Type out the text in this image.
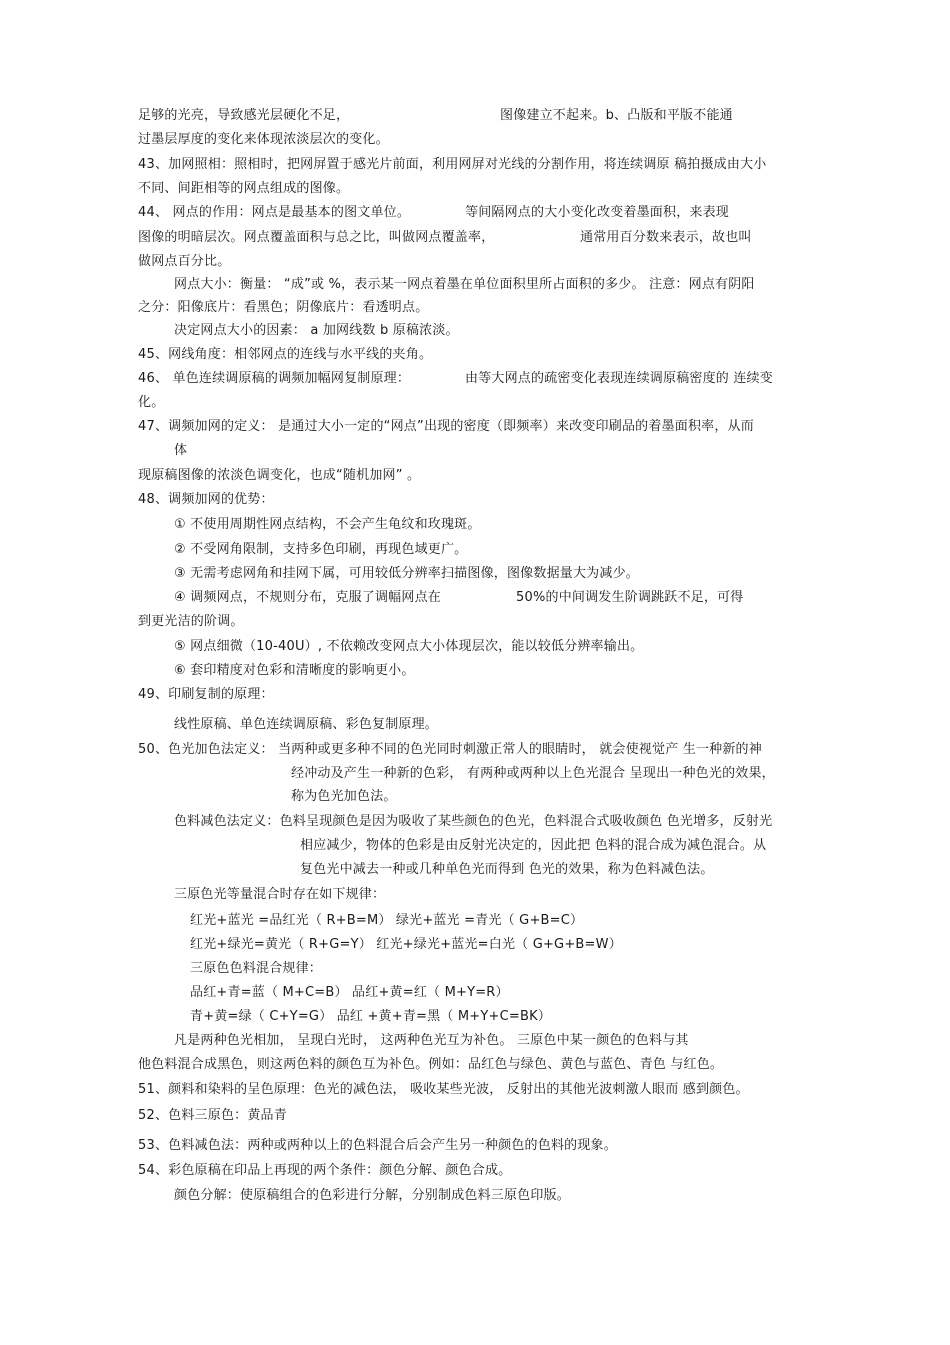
足够的光亮，导致感光层硬化不足，	图像建立不起来。b、凸版和平版不能通
过墨层厚度的变化来体现浓淡层次的变化。
43、加网照相：照相时，把网屏置于感光片前面，利用网屏对光线的分割作用，将连续调原 稿拍摄成由大小
不同、间距相等的网点组成的图像。
44、 网点的作用：网点是最基本的图文单位。	等间隔网点的大小变化改变着墨面积，来表现
图像的明暗层次。网点覆盖面积与总之比，叫做网点覆盖率，	通常用百分数来表示，故也叫
做网点百分比。
网点大小：衡量： “成”或 %，表示某一网点着墨在单位面积里所占面积的多少。 注意：网点有阴阳
之分：阳像底片：看黑色；阴像底片：看透明点。
决定网点大小的因素： a 加网线数 b 原稿浓淡。
45、网线角度：相邻网点的连线与水平线的夹角。
46、 单色连续调原稿的调频加幅网复制原理：	由等大网点的疏密变化表现连续调原稿密度的 连续变
化。
47、调频加网的定义： 是通过大小一定的“网点”出现的密度（即频率）来改变印刷品的着墨面积率，从而
体
现原稿图像的浓淡色调变化，也成“随机加网” 。
48、调频加网的优势：
① 不使用周期性网点结构，不会产生龟纹和玫瑰斑。
② 不受网角限制，支持多色印刷，再现色域更广。
③ 无需考虑网角和挂网下属，可用较低分辨率扫描图像，图像数据量大为减少。
④ 调频网点，不规则分布，克服了调幅网点在	50%的中间调发生阶调跳跃不足，可得
到更光洁的阶调。
⑤ 网点细微（10-40U）, 不依赖改变网点大小体现层次，能以较低分辨率输出。
⑥ 套印精度对色彩和清晰度的影响更小。
49、印刷复制的原理：
线性原稿、单色连续调原稿、彩色复制原理。
50、色光加色法定义： 当两种或更多种不同的色光同时刺激正常人的眼睛时， 就会使视觉产 生一种新的神
经冲动及产生一种新的色彩， 有两种或两种以上色光混合 呈现出一种色光的效果，
称为色光加色法。
色料减色法定义：色料呈现颜色是因为吸收了某些颜色的色光，色料混合式吸收颜色 色光增多，反射光
相应减少，物体的色彩是由反射光决定的，因此把 色料的混合成为减色混合。从
复色光中减去一种或几种单色光而得到 色光的效果，称为色料减色法。
三原色光等量混合时存在如下规律：
红光+蓝光 =品红光（ R+B=M） 绿光+蓝光 =青光（ G+B=C）
红光+绿光=黄光（ R+G=Y） 红光+绿光+蓝光=白光（ G+G+B=W）
三原色色料混合规律：
品红+青=蓝（ M+C=B） 品红+黄=红（ M+Y=R）
青+黄=绿（ C+Y=G） 品红 +黄+青=黑（ M+Y+C=BK）
凡是两种色光相加， 呈现白光时， 这两种色光互为补色。 三原色中某一颜色的色料与其
他色料混合成黑色，则这两色料的颜色互为补色。例如：品红色与绿色、黄色与蓝色、青色 与红色。
51、颜料和染料的呈色原理：色光的减色法， 吸收某些光波， 反射出的其他光波刺激人眼而 感到颜色。
52、色料三原色：黄品青
53、色料减色法：两种或两种以上的色料混合后会产生另一种颜色的色料的现象。
54、彩色原稿在印品上再现的两个条件：颜色分解、颜色合成。
颜色分解：使原稿组合的色彩进行分解，分别制成色料三原色印版。
